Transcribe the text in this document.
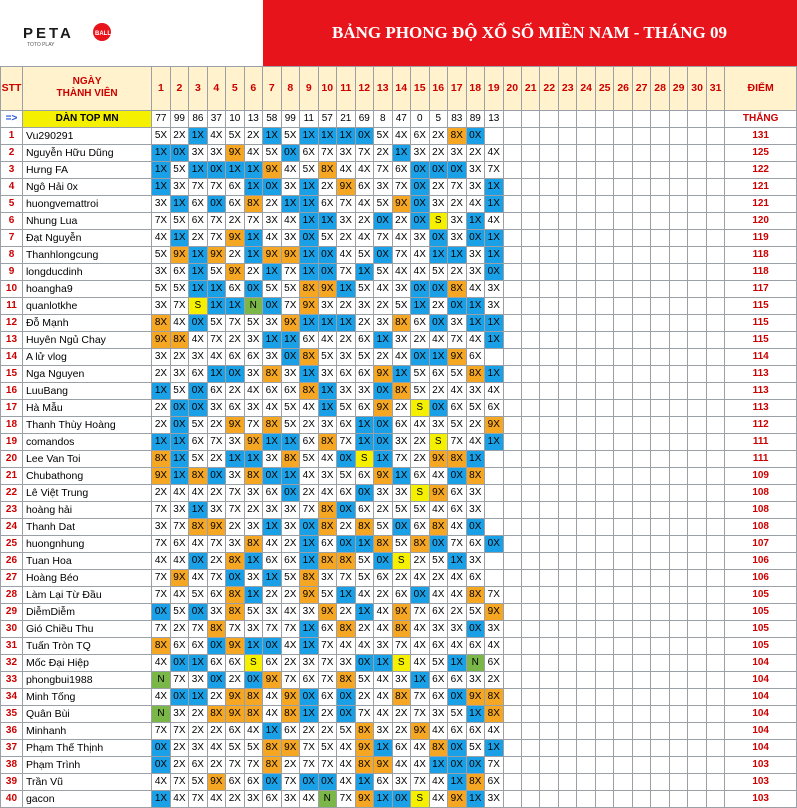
PETA BALL
TOTO PLAY								BẢNG PHONG ĐỘ XỔ SỐ MIỀN NAM - THÁNG 09																									
STT	NGÀY
THÀNH VIÊN	1	2	3	4	5	6	7	8	9	10	11	12	13	14	15	16	17	18	19	20	21	22	23	24	25	26	27	28	29	30	31	ĐIỂM
=>	DÀN TOP MN	77	99	86	37	10	13	58	99	11	57	21	69	8	47	0	5	83	89	13													THẮNG
1	Vu290291	5X	2X	1X	4X	5X	2X	1X	5X	1X	1X	1X	0X	5X	4X	6X	2X	8X	0X														131
2	Nguyễn Hữu Dũng	1X	0X	3X	3X	9X	4X	5X	0X	6X	7X	3X	7X	2X	1X	3X	2X	3X	2X	4X													125
3	Hưng FA	1X	5X	1X	0X	1X	1X	9X	4X	5X	8X	4X	4X	7X	6X	0X	0X	0X	3X	7X													122
4	Ngô Hải 0x	1X	3X	7X	7X	6X	1X	0X	3X	1X	2X	9X	6X	3X	7X	0X	2X	7X	3X	1X													121
5	huongvemattroi	3X	1X	6X	0X	6X	8X	2X	1X	1X	6X	7X	4X	5X	9X	0X	3X	2X	4X	1X													121
6	Nhung Lua	7X	5X	6X	7X	2X	7X	3X	4X	1X	1X	3X	2X	0X	2X	0X	S	3X	1X	4X													120
7	Đạt Nguyễn	4X	1X	2X	7X	9X	1X	4X	3X	0X	5X	2X	4X	7X	4X	3X	0X	3X	0X	1X													119
8	Thanhlongcung	5X	9X	1X	9X	2X	1X	9X	9X	1X	0X	4X	5X	0X	7X	4X	1X	1X	3X	1X													118
9	longducdinh	3X	6X	1X	5X	9X	2X	1X	7X	1X	0X	7X	1X	5X	4X	4X	5X	2X	3X	0X													118
10	hoangha9	5X	5X	1X	1X	6X	0X	5X	5X	8X	9X	1X	5X	4X	3X	0X	0X	8X	4X	3X													117
11	quanlotkhe	3X	7X	S	1X	1X	N	0X	7X	9X	3X	2X	3X	2X	5X	1X	2X	0X	1X	3X													115
12	Đỗ Mạnh	8X	4X	0X	5X	7X	5X	3X	9X	1X	1X	1X	2X	3X	8X	6X	0X	3X	1X	1X													115
13	Huyên Ngủ Chay	9X	8X	4X	7X	2X	3X	1X	1X	6X	4X	2X	6X	1X	3X	2X	4X	7X	4X	1X													115
14	A lử vlog	3X	2X	3X	4X	6X	6X	3X	0X	8X	5X	3X	5X	2X	4X	0X	1X	9X	6X														114
15	Nga Nguyen	2X	3X	6X	1X	0X	3X	8X	3X	1X	3X	6X	6X	9X	1X	5X	6X	5X	8X	1X													113
16	LuuBang	1X	5X	0X	6X	2X	4X	6X	6X	8X	1X	3X	3X	0X	8X	5X	2X	4X	3X	4X													113
17	Hà Mẫu	2X	0X	0X	3X	6X	3X	4X	5X	4X	1X	5X	6X	9X	2X	S	0X	6X	5X	6X													113
18	Thanh Thùy Hoàng	2X	0X	5X	2X	9X	7X	8X	5X	2X	3X	6X	1X	0X	6X	4X	3X	5X	2X	9X													112
19	comandos	1X	1X	6X	7X	3X	9X	1X	1X	6X	8X	7X	1X	0X	3X	2X	S	7X	4X	1X													111
20	Lee Van Toi	8X	1X	5X	2X	1X	1X	3X	8X	5X	4X	0X	S	1X	7X	2X	9X	8X	1X														111
21	Chubathong	9X	1X	8X	0X	3X	8X	0X	1X	4X	3X	5X	6X	9X	1X	6X	4X	0X	8X														109
22	Lê Việt Trung	2X	4X	4X	2X	7X	3X	6X	0X	2X	4X	6X	0X	3X	3X	S	9X	6X	3X														108
23	hoàng hải	7X	3X	1X	3X	7X	2X	3X	3X	7X	8X	0X	6X	2X	5X	5X	4X	6X	3X														108
24	Thanh Dat	3X	7X	8X	9X	2X	3X	1X	3X	0X	8X	2X	8X	5X	0X	6X	8X	4X	0X														108
25	huongnhung	7X	6X	4X	7X	3X	8X	4X	2X	1X	6X	0X	1X	8X	5X	8X	0X	7X	6X	0X													107
26	Tuan Hoa	4X	4X	0X	2X	8X	1X	6X	6X	1X	8X	8X	5X	0X	S	2X	5X	1X	3X														106
27	Hoàng Béo	7X	9X	4X	7X	0X	3X	1X	5X	8X	3X	7X	5X	6X	2X	4X	2X	4X	6X														106
28	Làm Lại Từ Đầu	7X	4X	5X	6X	8X	1X	2X	2X	9X	5X	1X	4X	2X	6X	0X	4X	4X	8X	7X													105
29	DiễmDiễm	0X	5X	0X	3X	8X	5X	3X	4X	3X	9X	2X	1X	4X	9X	7X	6X	2X	5X	9X													105
30	Gió Chiều Thu	7X	2X	7X	8X	7X	3X	7X	7X	1X	6X	8X	2X	4X	8X	4X	3X	3X	0X	3X													105
31	Tuấn Tròn TQ	8X	6X	6X	0X	9X	1X	0X	4X	1X	7X	4X	4X	3X	7X	4X	6X	4X	6X	4X													105
32	Mốc Đại Hiệp	4X	0X	1X	6X	6X	S	6X	2X	3X	7X	3X	0X	1X	S	4X	5X	1X	N	6X													104
33	phongbui1988	N	7X	3X	0X	2X	0X	9X	7X	6X	7X	8X	5X	4X	3X	1X	6X	6X	3X	2X													104
34	Minh Tống	4X	0X	1X	2X	9X	8X	4X	9X	0X	6X	0X	2X	4X	8X	7X	6X	0X	9X	8X													104
35	Quân Bùi	N	3X	2X	8X	9X	8X	4X	8X	1X	2X	0X	7X	4X	2X	7X	3X	5X	1X	8X													104
36	Minhanh	7X	7X	2X	2X	6X	4X	1X	6X	2X	2X	5X	8X	3X	2X	9X	4X	6X	6X	4X													104
37	Phạm Thế Thịnh	0X	2X	3X	4X	5X	5X	8X	9X	7X	5X	4X	9X	1X	6X	4X	8X	0X	5X	1X													104
38	Phạm Trình	0X	2X	6X	2X	7X	7X	8X	2X	7X	7X	4X	8X	9X	4X	4X	1X	0X	0X	7X													103
39	Trần Vũ	4X	7X	5X	9X	6X	6X	0X	7X	0X	0X	4X	1X	6X	3X	7X	4X	1X	8X	6X													103
40	gacon	1X	4X	7X	4X	2X	3X	6X	3X	4X	N	7X	9X	1X	0X	S	4X	9X	1X	3X													103
